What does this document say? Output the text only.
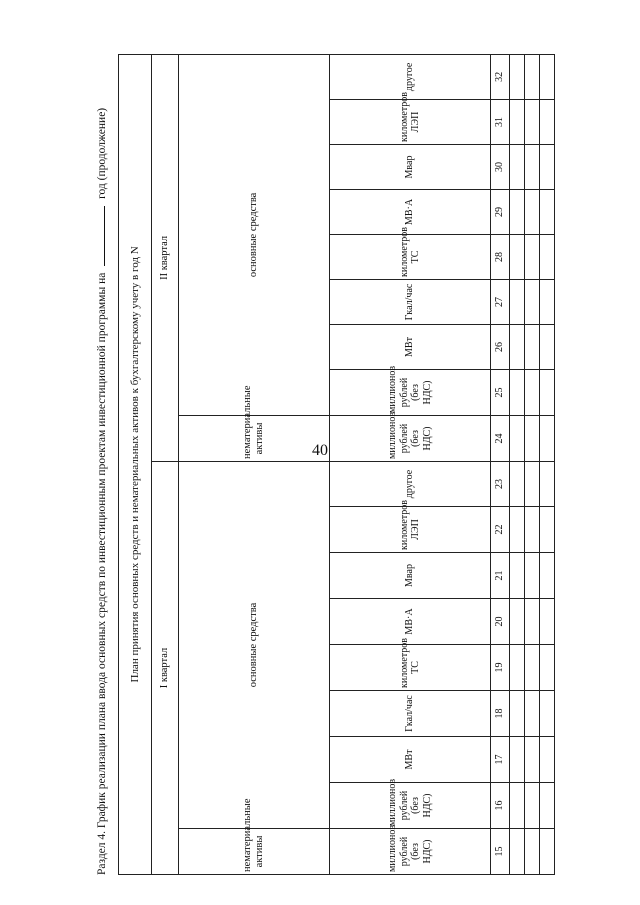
40
Раздел 4. График реализации плана ввода основных средств по инвестиционным проектам инвестиционной программы на  год (продолжение)
План принятия основных средств и нематериальных активов к бухгалтерскому учету в год N																	
I квартал									II квартал								
нематериальные активы	основные средства								нематериальные активы	основные средства							
миллионов рублей (без НДС)	миллионов рублей (без НДС)	МВт	Гкал/час	километров ТС	МВ·А	Мвар	километров ЛЭП	другое	миллионов рублей (без НДС)	миллионов рублей (без НДС)	МВт	Гкал/час	километров ТС	МВ·А	Мвар	километров ЛЭП	другое
15	16	17	18	19	20	21	22	23	24	25	26	27	28	29	30	31	32
